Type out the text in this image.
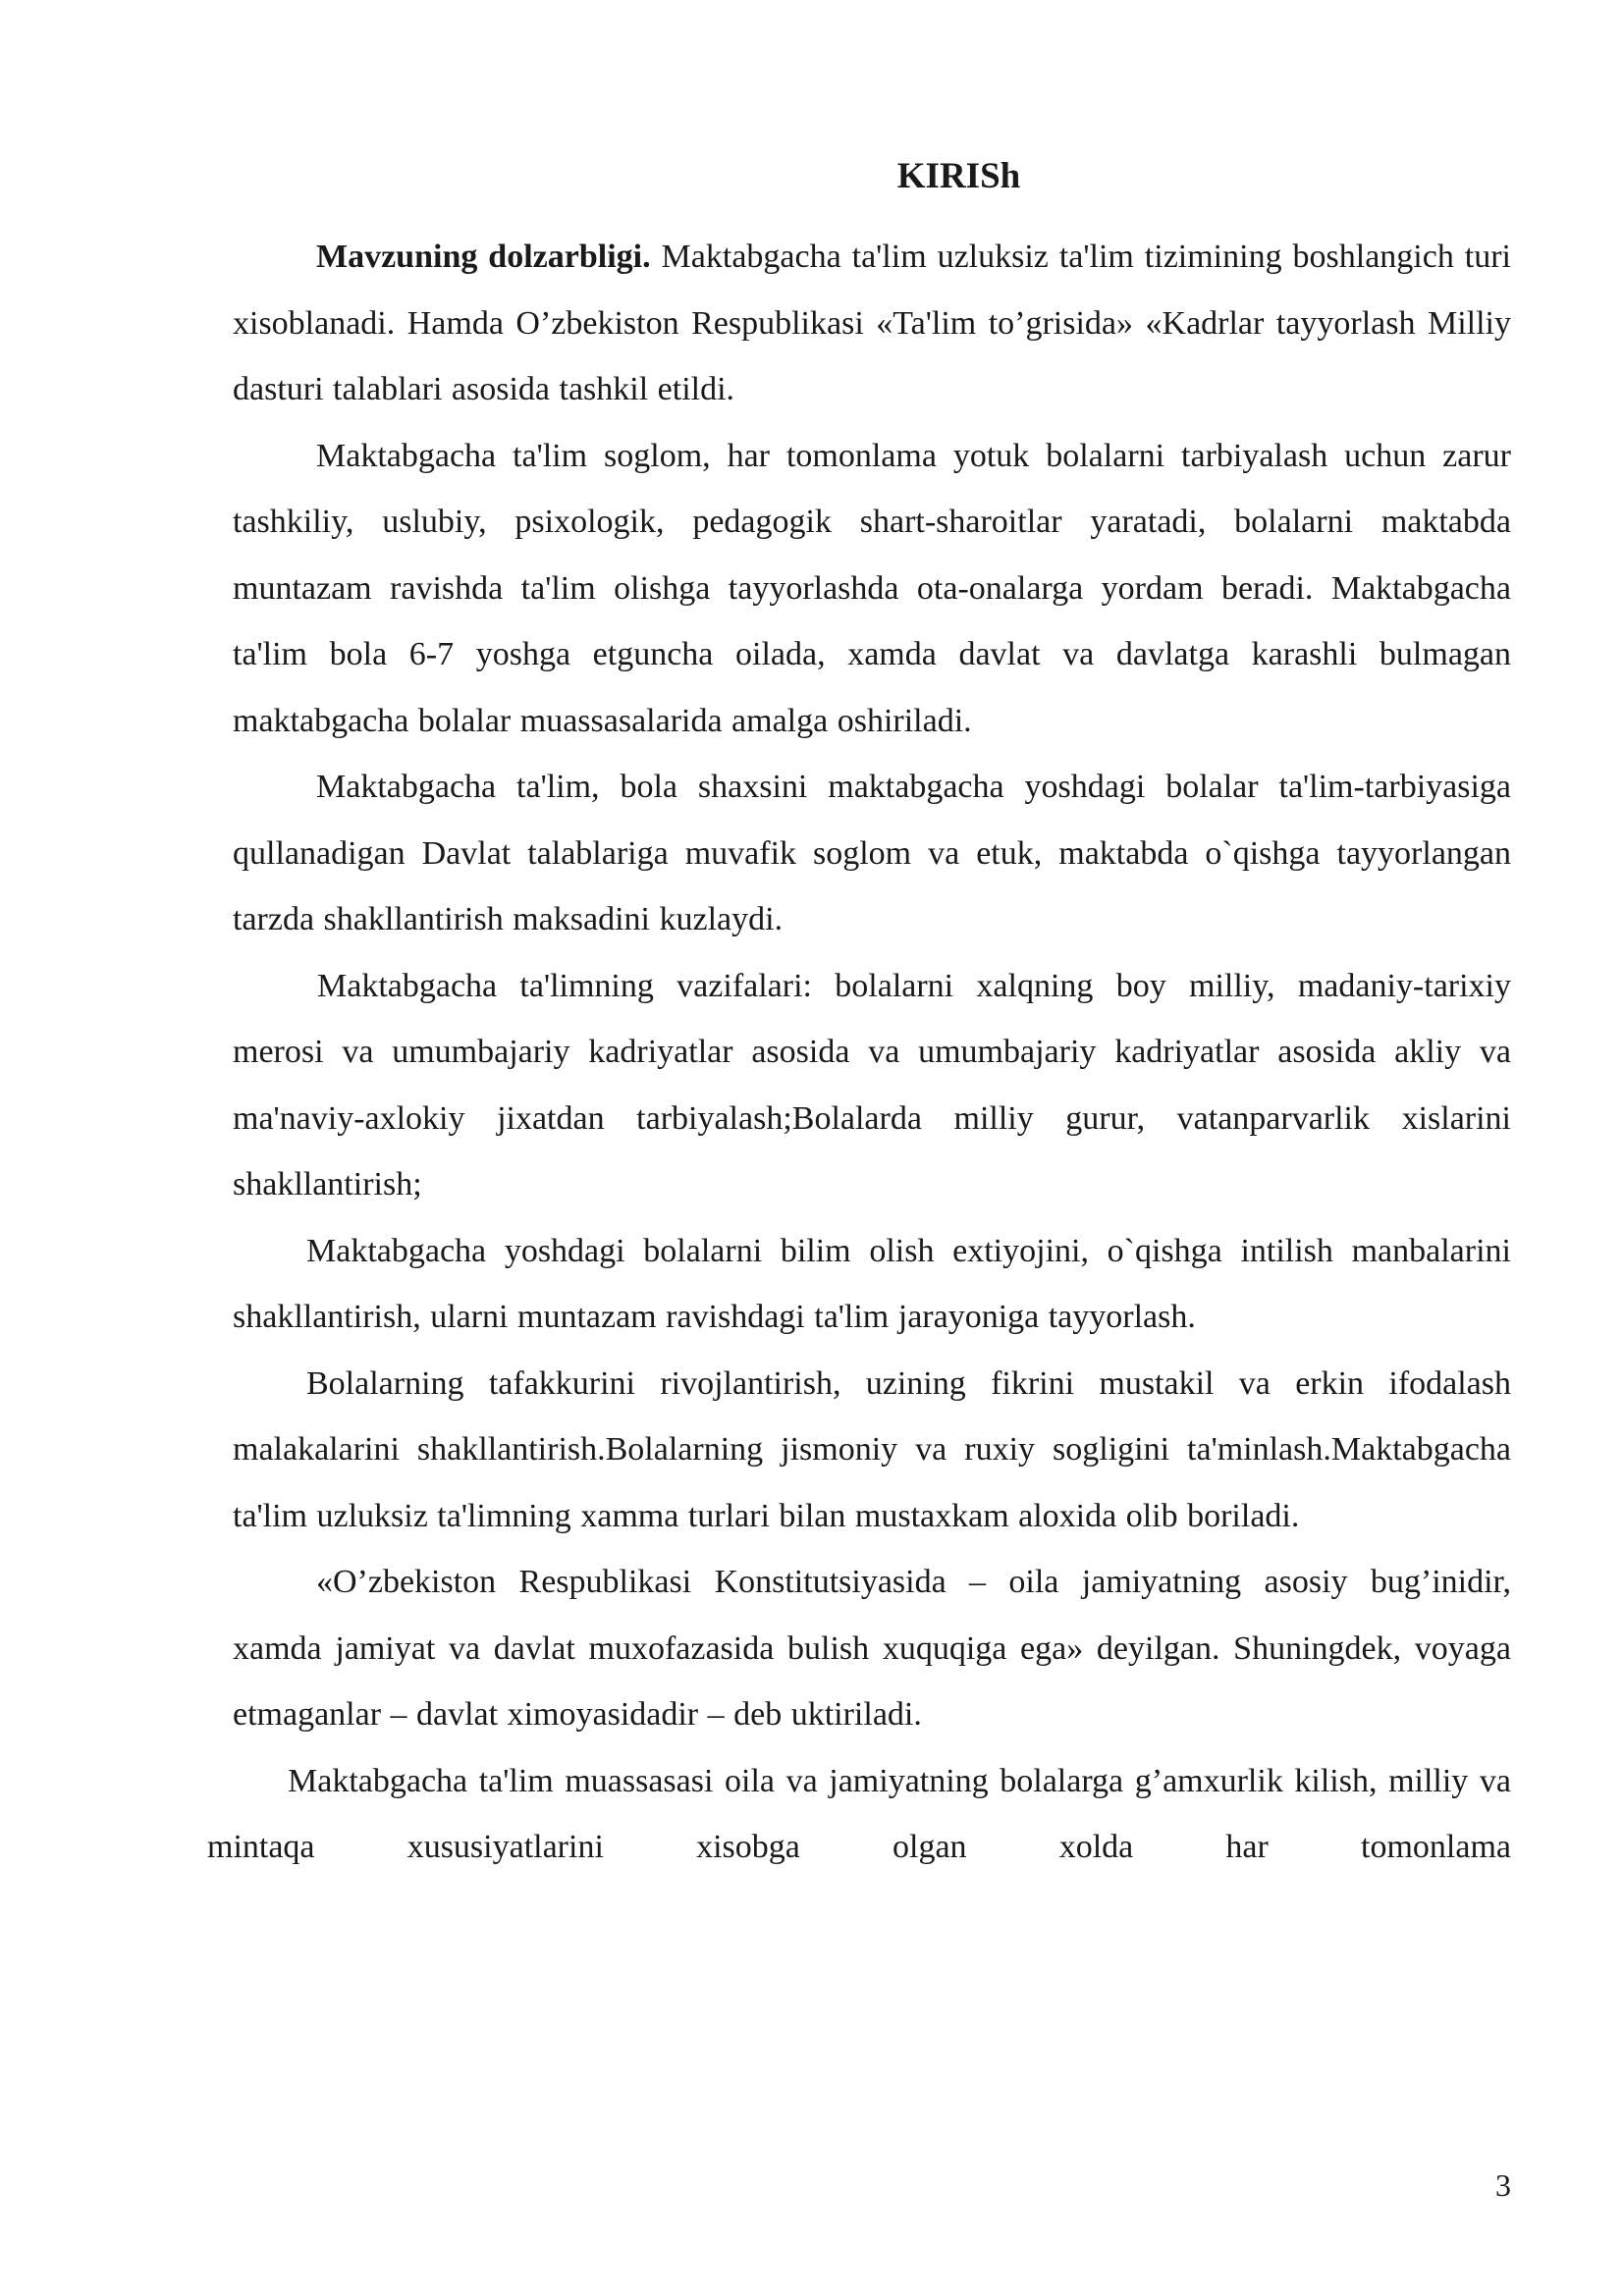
KIRISh

Mavzuning dolzarbligi. Maktabgacha ta'lim uzluksiz ta'lim tizimining boshlangich turi xisoblanadi. Hamda O’zbekiston Respublikasi «Ta'lim to’grisida» «Kadrlar tayyorlash Milliy dasturi talablari asosida tashkil etildi.

Maktabgacha ta'lim soglom, har tomonlama yotuk bolalarni tarbiyalash uchun zarur tashkiliy, uslubiy, psixologik, pedagogik shart-sharoitlar yaratadi, bolalarni maktabda muntazam ravishda ta'lim olishga tayyorlashda ota-onalarga yordam beradi. Maktabgacha ta'lim bola 6-7 yoshga etguncha oilada, xamda davlat va davlatga karashli bulmagan maktabgacha bolalar muassasalarida amalga oshiriladi.

Maktabgacha ta'lim, bola shaxsini maktabgacha yoshdagi bolalar ta'lim-tarbiyasiga qullanadigan Davlat talablariga muvafik soglom va etuk, maktabda o`qishga tayyorlangan tarzda shakllantirish maksadini kuzlaydi.

Maktabgacha ta'limning vazifalari: bolalarni xalqning boy milliy, madaniy-tarixiy merosi va umumbajariy kadriyatlar asosida va umumbajariy kadriyatlar asosida akliy va ma'naviy-axlokiy jixatdan tarbiyalash;Bolalarda milliy gurur, vatanparvarlik xislarini shakllantirish;

Maktabgacha yoshdagi bolalarni bilim olish extiyojini, o`qishga intilish manbalarini shakllantirish, ularni muntazam ravishdagi ta'lim jarayoniga tayyorlash.

Bolalarning tafakkurini rivojlantirish, uzining fikrini mustakil va erkin ifodalash malakalarini shakllantirish.Bolalarning jismoniy va ruxiy sogligini ta'minlash.Maktabgacha ta'lim uzluksiz ta'limning xamma turlari bilan mustaxkam aloxida olib boriladi.

«O’zbekiston Respublikasi Konstitutsiyasida – oila jamiyatning asosiy bug’inidir, xamda jamiyat va davlat muxofazasida bulish xuquqiga ega» deyilgan. Shuningdek, voyaga etmaganlar – davlat ximoyasidadir – deb uktiriladi.

Maktabgacha ta'lim muassasasi oila va jamiyatning bolalarga g’amxurlik kilish, milliy va mintaqa xususiyatlarini xisobga olgan xolda har tomonlama

3
